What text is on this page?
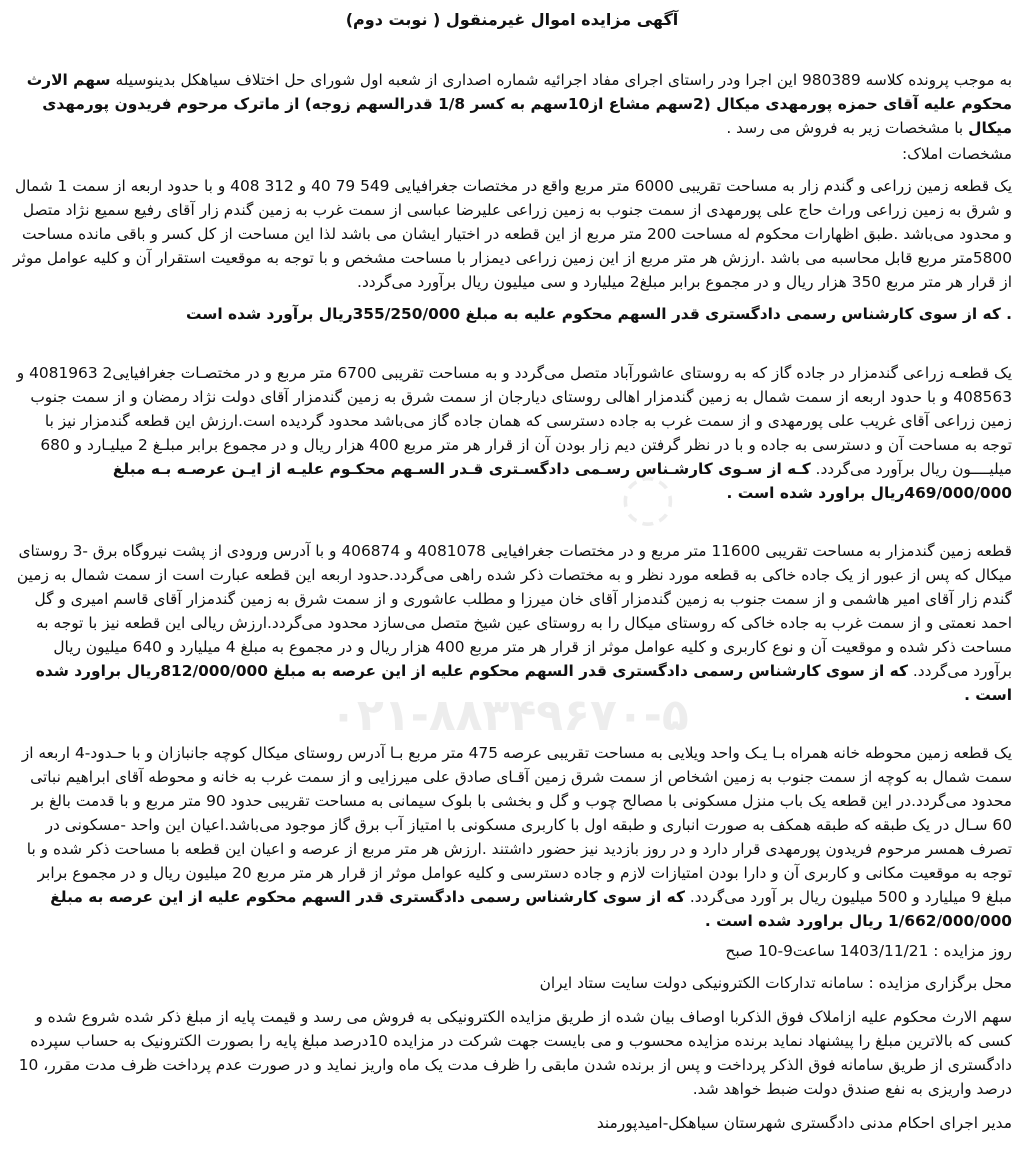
◌
۰۲۱-۸۸۳۴۹۶۷۰-۵
آگهی مزایده اموال غیرمنقول ( نوبت دوم)

به موجب پرونده کلاسه 980389 این اجرا ودر راستای اجرای مفاد اجرائیه شماره اصداری از شعبه اول شورای حل اختلاف سیاهکل بدینوسیله سهم الارث محکوم علیه آقای حمزه پورمهدی میکال (2سهم مشاع از10سهم به کسر 1/8 قدرالسهم زوجه) از ماترک مرحوم فریدون پورمهدی میکال با مشخصات زیر به فروش می رسد .

مشخصات املاک:

یک قطعه زمین زراعی و گندم زار به مساحت تقریبی 6000 متر مربع واقع در مختصات جغرافیایی 549 79 40 و 312 408 و با حدود اربعه از سمت 1 شمال و شرق به زمین زراعی وراث حاج علی پورمهدی از سمت جنوب به زمین زراعی علیرضا عباسی از سمت غرب به زمین گندم زار آقای رفیع سمیع نژاد متصل و محدود می‌باشد .طبق اظهارات محکوم له مساحت 200 متر مربع از این قطعه در اختیار ایشان می باشد لذا این مساحت از کل کسر و باقی مانده مساحت 5800متر مربع قابل محاسبه می باشد .ارزش هر متر مربع از این زمین زراعی دیمزار با مساحت مشخص و با توجه به موقعیت استقرار آن و کلیه عوامل موثر از قرار هر متر مربع 350 هزار ریال و در مجموع برابر مبلغ2 میلیارد و سی میلیون ریال برآورد می‌گردد.

. که از سوی کارشناس رسمی دادگستری قدر السهم محکوم علیه به مبلغ 355/250/000ریال برآورد شده است

یک قطعـه زراعی گندمزار در جاده گاز که به روستای عاشورآباد متصل می‌گردد و به مساحت تقریبی 6700 متر مربع و در مختصـات جغرافیایی2 4081963 و 408563 و با حدود اربعه از سمت شمال به زمین گندمزار اهالی روستای دیارجان از سمت شرق به زمین گندمزار آقای دولت نژاد رمضان و از سمت جنوب زمین زراعی آقای غریب علی پورمهدی و از سمت غرب به جاده دسترسی که همان جاده گاز می‌باشد محدود گردیده است.ارزش این قطعه گندمزار نیز با توجه به مساحت آن و دسترسی به جاده و با در نظر گرفتن دیم زار بودن آن از قرار هر متر مربع 400 هزار ریال و در مجموع برابر مبلـغ 2 میلیـارد و 680 میلیــــون ریال برآورد می‌گردد. کـه از سـوی کارشـناس رسـمی دادگسـتری قـدر السـهم محکـوم علیـه از ایـن عرصـه بـه مبلغ 469/000/000ریال براورد شده است .

قطعه زمین گندمزار به مساحت تقریبی 11600 متر مربع و در مختصات جغرافیایی 4081078 و 406874 و با آدرس ورودی از پشت نیروگاه برق -3 روستای میکال که پس از عبور از یک جاده خاکی به قطعه مورد نظر و به مختصات ذکر شده راهی می‌گردد.حدود اربعه این قطعه عبارت است از سمت شمال به زمین گندم زار آقای امیر هاشمی و از سمت جنوب به زمین گندمزار آقای خان میرزا و مطلب عاشوری و از سمت شرق به زمین گندمزار آقای قاسم امیری و گل احمد نعمتی و از سمت غرب به جاده خاکی که روستای میکال را به روستای عین شیخ متصل می‌سازد محدود می‌گردد.ارزش ریالی این قطعه نیز با توجه به مساحت ذکر شده و موقعیت آن و نوع کاربری و کلیه عوامل موثر از قرار هر متر مربع 400 هزار ریال و در مجموع به مبلغ 4 میلیارد و 640 میلیون ریال برآورد می‌گردد. که از سوی کارشناس رسمی دادگستری قدر السهم محکوم علیه از این عرصه به مبلغ 812/000/000ریال براورد شده است .

یک قطعه زمین محوطه خانه همراه بـا یـک واحد ویلایی به مساحت تقریبی عرصه 475 متر مربع بـا آدرس روستای میکال کوچه جانبازان و با حـدود-4 اربعه از سمت شمال به کوچه از سمت جنوب به زمین اشخاص از سمت شرق زمین آقـای صادق علی میرزایی و از سمت غرب به خانه و محوطه آقای ابراهیم نباتی محدود می‌گردد.در این قطعه یک باب منزل مسکونی با مصالح چوب و گل و بخشی با بلوک سیمانی به مساحت تقریبی حدود 90 متر مربع و با قدمت بالغ بر 60 سـال در یک طبقه که طبقه همکف به صورت انباری و طبقه اول با کاربری مسکونی با امتیاز آب برق گاز موجود می‌باشد.اعیان این واحد -مسکونی در تصرف همسر مرحوم فریدون پورمهدی قرار دارد و در روز بازدید نیز حضور داشتند .ارزش هر متر مربع از عرصه و اعیان این قطعه با مساحت ذکر شده و با توجه به موقعیت مکانی و کاربری آن و دارا بودن امتیازات لازم و جاده دسترسی و کلیه عوامل موثر از قرار هر متر مربع 20 میلیون ریال و در مجموع برابر مبلغ 9 میلیارد و 500 میلیون ریال بر آورد می‌گردد. که از سوی کارشناس رسمی دادگستری قدر السهم محکوم علیه از این عرصه به مبلغ 1/662/000/000 ریال براورد شده است .

روز مزایده : 1403/11/21 ساعت9-10 صبح

محل برگزاری مزایده : سامانه تدارکات الکترونیکی دولت سایت ستاد ایران

سهم الارث محکوم علیه ازاملاک فوق الذکربا اوصاف بیان شده از طریق مزایده الکترونیکی به فروش می رسد و قیمت پایه از مبلغ ذکر شده شروع شده و کسی که بالاترین مبلغ را پیشنهاد نماید برنده مزایده محسوب و می بایست جهت شرکت در مزایده 10درصد مبلغ پایه را بصورت الکترونیک به حساب سپرده دادگستری از طریق سامانه فوق الذکر پرداخت و پس از برنده شدن مابقی را ظرف مدت یک ماه واریز نماید و در صورت عدم پرداخت ظرف مدت مقرر، 10 درصد واریزی به نفع صندق دولت ضبط خواهد شد.

مدیر اجرای احکام مدنی دادگستری شهرستان سیاهکل-امیدپورمند
